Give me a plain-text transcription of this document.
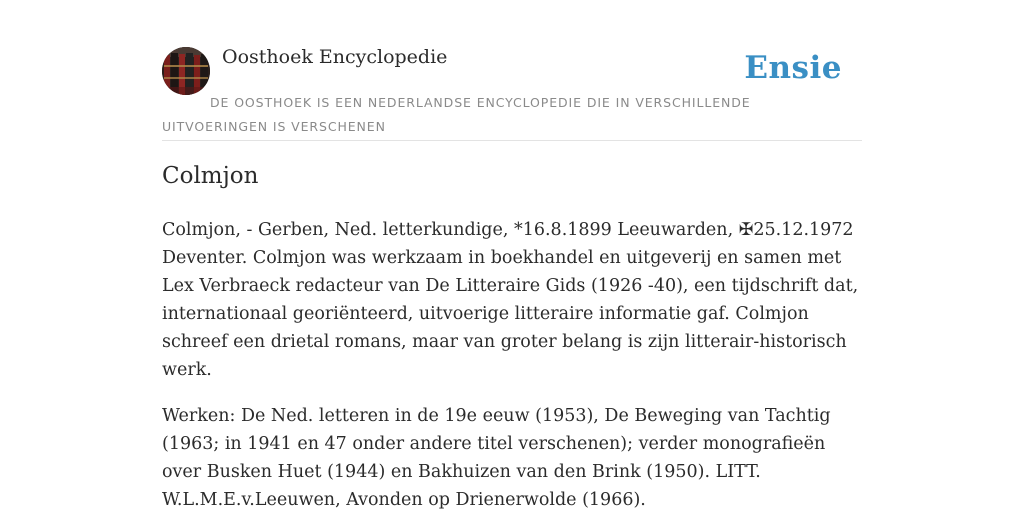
Oosthoek Encyclopedie	Ensie
DE OOSTHOEK IS EEN NEDERLANDSE ENCYCLOPEDIE DIE IN VERSCHILLENDE UITVOERINGEN IS VERSCHENEN
Colmjon

Colmjon, - Gerben, Ned. letterkundige, *16.8.1899 Leeuwarden, ✠25.12.1972 Deventer. Colmjon was werkzaam in boekhandel en uitgeverij en samen met Lex Verbraeck redacteur van De Litteraire Gids (1926 -40), een tijdschrift dat, internationaal georiënteerd, uitvoerige litteraire informatie gaf. Colmjon schreef een drietal romans, maar van groter belang is zijn litterair-historisch werk.

Werken: De Ned. letteren in de 19e eeuw (1953), De Beweging van Tachtig (1963; in 1941 en 47 onder andere titel verschenen); verder monografieën over Busken Huet (1944) en Bakhuizen van den Brink (1950). LITT. W.L.M.E.v.Leeuwen, Avonden op Drienerwolde (1966).
